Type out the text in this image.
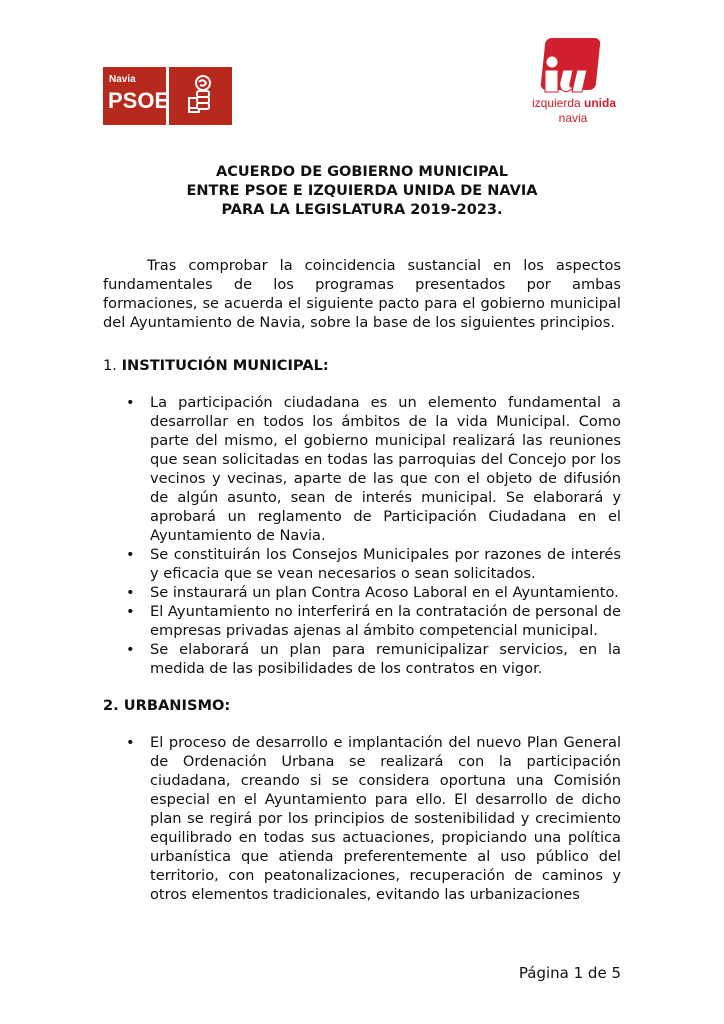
Navia
PSOE	izquierda unida
navia
ACUERDO DE GOBIERNO MUNICIPAL
ENTRE PSOE E IZQUIERDA UNIDA DE NAVIA
PARA LA LEGISLATURA 2019-2023.
Tras comprobar la coincidencia sustancial en los aspectos
fundamentales de los programas presentados por ambas
formaciones, se acuerda el siguiente pacto para el gobierno municipal del Ayuntamiento de Navia, sobre la base de los siguientes principios.
1. INSTITUCIÓN MUNICIPAL:
• La participación ciudadana es un elemento fundamental a desarrollar en todos los ámbitos de la vida Municipal. Como parte del mismo, el gobierno municipal realizará las reuniones que sean solicitadas en todas las parroquias del Concejo por los vecinos y vecinas, aparte de las que con el objeto de difusión de algún asunto, sean de interés municipal. Se elaborará y aprobará un reglamento de Participación Ciudadana en el Ayuntamiento de Navia.
• Se constituirán los Consejos Municipales por razones de interés y eficacia que se vean necesarios o sean solicitados.
• Se instaurará un plan Contra Acoso Laboral en el Ayuntamiento.
• El Ayuntamiento no interferirá en la contratación de personal de empresas privadas ajenas al ámbito competencial municipal.
• Se elaborará un plan para remunicipalizar servicios, en la medida de las posibilidades de los contratos en vigor.
2. URBANISMO:
• El proceso de desarrollo e implantación del nuevo Plan General de Ordenación Urbana se realizará con la participación ciudadana, creando si se considera oportuna una Comisión especial en el Ayuntamiento para ello. El desarrollo de dicho plan se regirá por los principios de sostenibilidad y crecimiento equilibrado en todas sus actuaciones, propiciando una política urbanística que atienda preferentemente al uso público del territorio, con peatonalizaciones, recuperación de caminos y otros elementos tradicionales, evitando las urbanizaciones
Página 1 de 5
